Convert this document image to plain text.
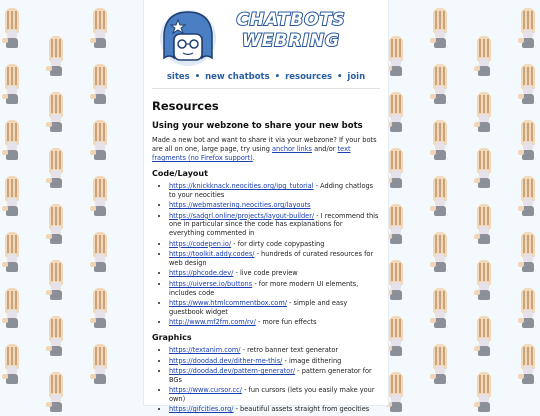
CHATBOTS
WEBRING
sites • new chatbots • resources • join
Resources
Using your webzone to share your new bots

Made a new bot and want to share it via your webzone? If your bots are all on one, large page, try using anchor links and/or text fragments (no Firefox support).

Code/Layout
• https://knickknack.neocities.org/ipg_tutorial - Adding chatlogs to your neocities
• https://webmastering.neocities.org/layouts
• https://sadgrl.online/projects/layout-builder/ - I recommend this one in particular since the code has explanations for everything commented in
• https://codepen.io/ - for dirty code copypasting
• https://toolkit.addy.codes/ - hundreds of curated resources for web design
• https://phcode.dev/ - live code preview
• https://uiverse.io/buttons - for more modern UI elements, includes code
• https://www.htmlcommentbox.com/ - simple and easy guestbook widget
• http://www.mf2fm.com/rv/ - more fun effects
Graphics
• https://textanim.com/ - retro banner text generator
• https://doodad.dev/dither-me-this/ - image dithering
• https://doodad.dev/pattern-generator/ - pattern generator for BGs
• https://www.cursor.cc/ - fun cursors (lets you easily make your own)
• https://gifcities.org/ - beautiful assets straight from geocities
